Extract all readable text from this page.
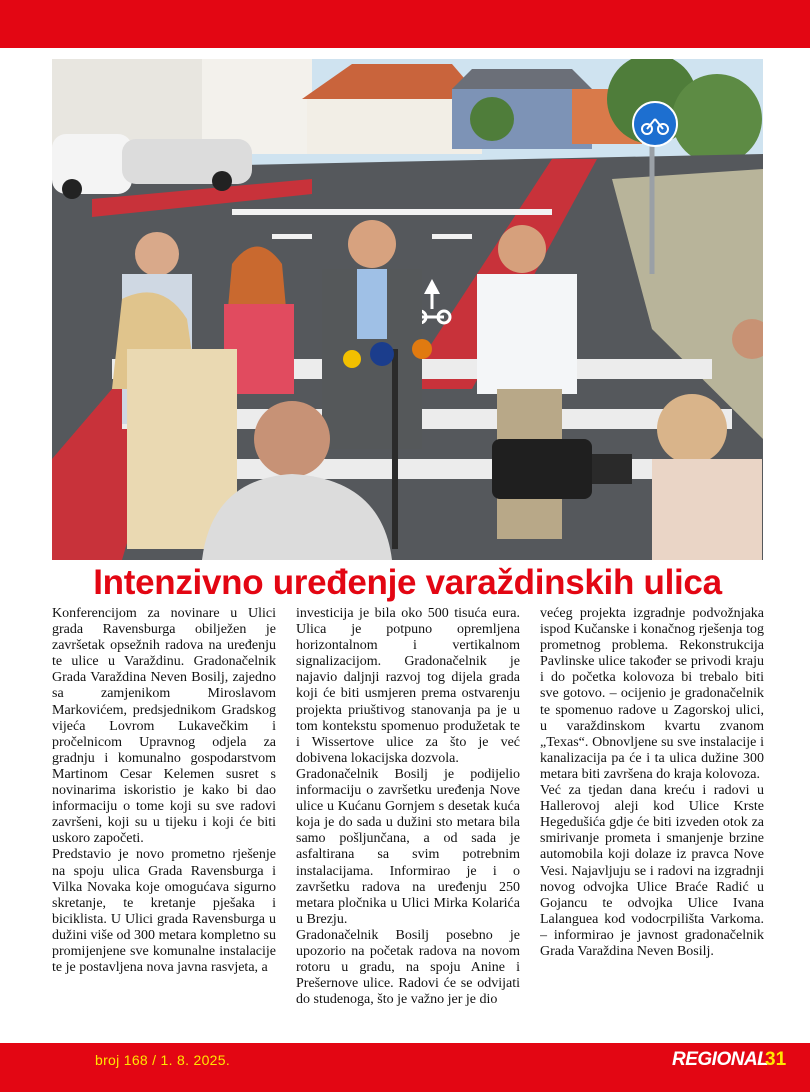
Intenzivno uređenje varaždinskih ulica

Konferencijom za novinare u Ulici grada Ravensburga obilježen je završetak opsežnih radova na uređenju te ulice u Varaždinu. Gradonačelnik Grada Varaždina Neven Bosilj, zajedno sa zamjenikom Miroslavom Markovićem, predsjednikom Gradskog vijeća Lovrom Lukavečkim i pročelnicom Upravnog odjela za gradnju i komunalno gospodarstvom Martinom Cesar Kelemen susret s novinarima iskoristio je kako bi dao informaciju o tome koji su sve radovi završeni, koji su u tijeku i koji će biti uskoro započeti.
Predstavio je novo prometno rješenje na spoju ulica Grada Ravensburga i Vilka Novaka koje omogućava sigurno skretanje, te kretanje pješaka i biciklista. U Ulici grada Ravensburga u dužini više od 300 metara kompletno su promijenjene sve komunalne instalacije te je postavljena nova javna rasvjeta, a

investicija je bila oko 500 tisuća eura. Ulica je potpuno opremljena horizontalnom i vertikalnom signalizacijom. Gradonačelnik je najavio daljnji razvoj tog dijela grada koji će biti usmjeren prema ostvarenju projekta priuštivog stanovanja pa je u tom kontekstu spomenuo produžetak te i Wissertove ulice za što je već dobivena lokacijska dozvola.
Gradonačelnik Bosilj je podijelio informaciju o završetku uređenja Nove ulice u Kućanu Gornjem s desetak kuća koja je do sada u dužini sto metara bila samo pošljunčana, a od sada je asfaltirana sa svim potrebnim instalacijama. Informirao je i o završetku radova na uređenju 250 metara pločnika u Ulici Mirka Kolarića u Brezju.
Gradonačelnik Bosilj posebno je upozorio na početak radova na novom rotoru u gradu, na spoju Anine i Prešernove ulice. Radovi će se odvijati do studenoga, što je važno jer je dio

većeg projekta izgradnje podvožnjaka ispod Kučanske i konačnog rješenja tog prometnog problema. Rekonstrukcija Pavlinske ulice također se privodi kraju i do početka kolovoza bi trebalo biti sve gotovo. – ocijenio je gradonačelnik te spomenuo radove u Zagorskoj ulici, u varaždinskom kvartu zvanom „Texas“. Obnovljene su sve instalacije i kanalizacija pa će i ta ulica dužine 300 metara biti završena do kraja kolovoza.
Već za tjedan dana kreću i radovi u Hallerovoj aleji kod Ulice Krste Hegedušića gdje će biti izveden otok za smirivanje prometa i smanjenje brzine automobila koji dolaze iz pravca Nove Vesi. Najavljuju se i radovi na izgradnji novog odvojka Ulice Braće Radić u Gojancu te odvojka Ulice Ivana Lalanguea kod vodocrpilišta Varkoma. – informirao je javnost gradonačelnik Grada Varaždina Neven Bosilj.

broj 168 / 1. 8. 2025.	REGIONAL
31
